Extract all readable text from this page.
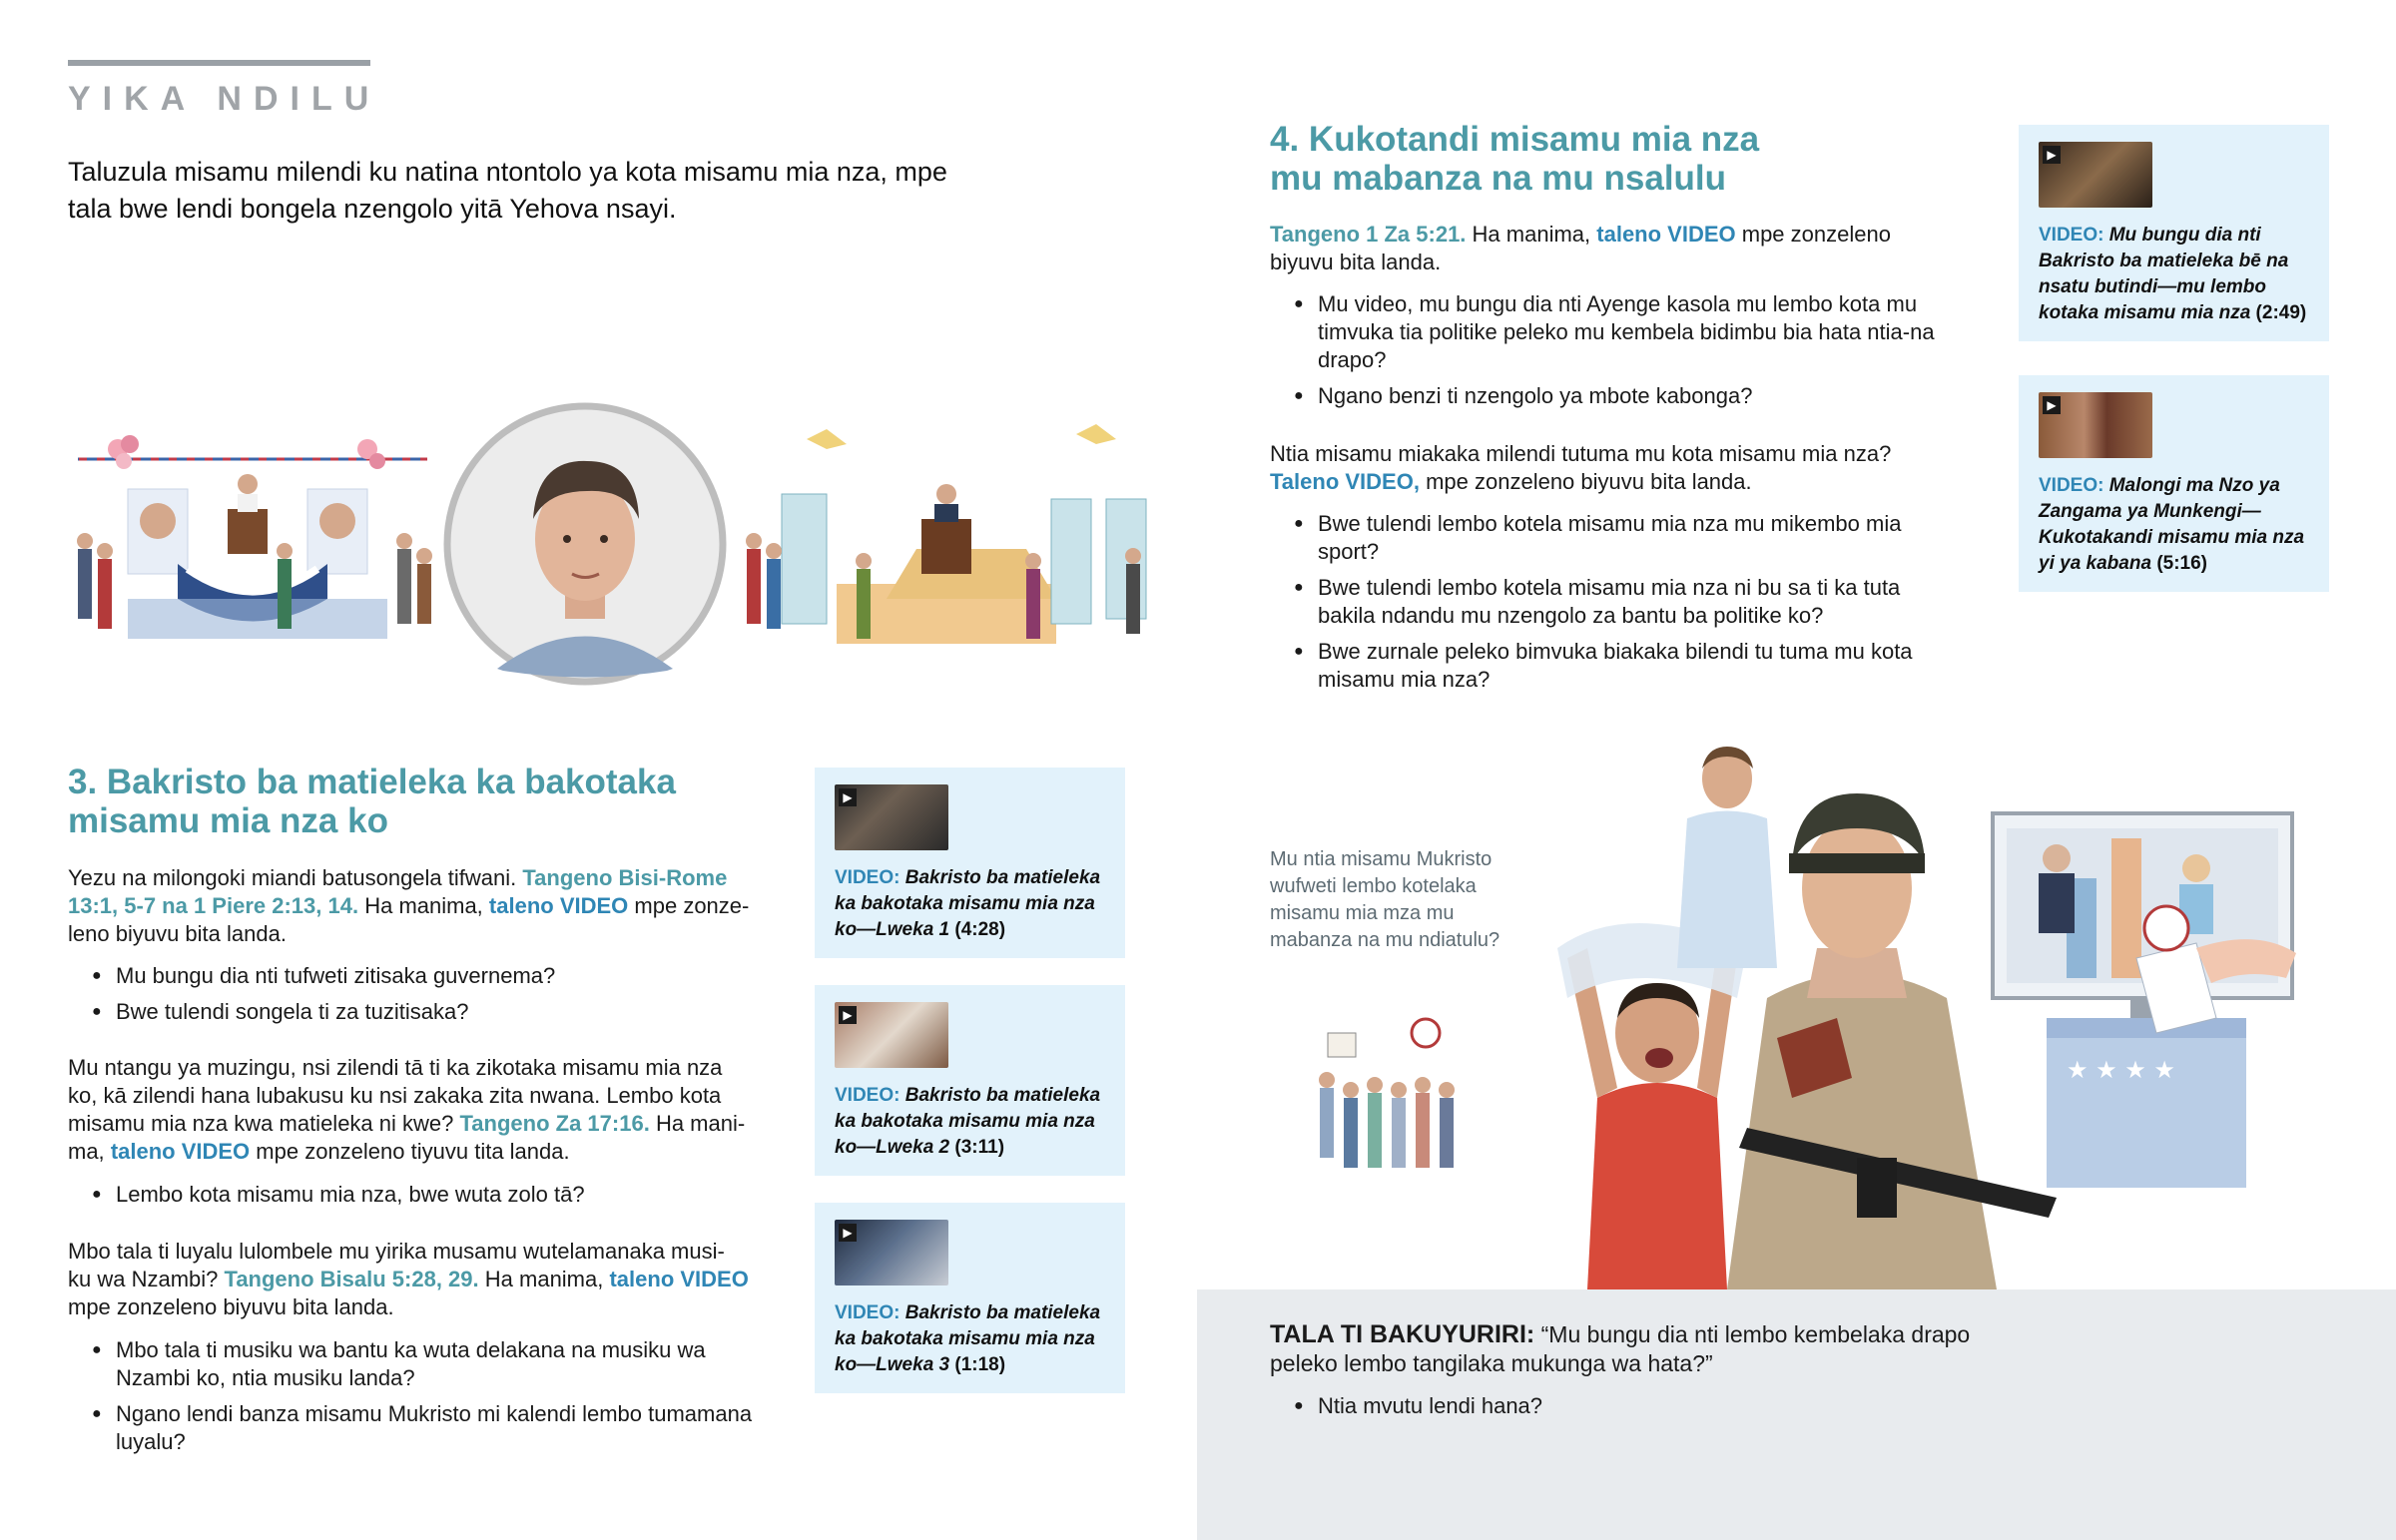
YIKA NDILU
Taluzula misamu milendi ku natina ntontolo ya kota misamu mia nza, mpe tala bwe lendi bongela nzengolo yitā Yehova nsayi.
3. Bakristo ba matieleka ka bakotaka
misamu mia nza ko
Yezu na milongoki miandi batusongela tifwani. Tangeno Bisi-Rome
13:1, 5-7 na 1 Piere 2:13, 14. Ha manima, taleno VIDEO mpe zonze-
leno biyuvu bita landa.
● Mu bungu dia nti tufweti zitisaka guvernema?
● Bwe tulendi songela ti za tuzitisaka?
Mu ntangu ya muzingu, nsi zilendi tā ti ka zikotaka misamu mia nza
ko, kā zilendi hana lubakusu ku nsi zakaka zita nwana. Lembo kota
misamu mia nza kwa matieleka ni kwe? Tangeno Za 17:16. Ha mani-
ma, taleno VIDEO mpe zonzeleno tiyuvu tita landa.
● Lembo kota misamu mia nza, bwe wuta zolo tā?
Mbo tala ti luyalu lulombele mu yirika musamu wutelamanaka musi-
ku wa Nzambi? Tangeno Bisalu 5:28, 29. Ha manima, taleno VIDEO
mpe zonzeleno biyuvu bita landa.
● Mbo tala ti musiku wa bantu ka wuta delakana na musiku wa Nzambi ko, ntia musiku landa?
● Ngano lendi banza misamu Mukristo mi kalendi lembo tumamana luyalu?
▶
VIDEO: Bakristo ba matieleka ka bakotaka misamu mia nza ko—Lweka 1 (4:28)
▶
VIDEO: Bakristo ba matieleka ka bakotaka misamu mia nza ko—Lweka 2 (3:11)
▶
VIDEO: Bakristo ba matieleka ka bakotaka misamu mia nza ko—Lweka 3 (1:18)
4. Kukotandi misamu mia nza
mu mabanza na mu nsalulu
Tangeno 1 Za 5:21. Ha manima, taleno VIDEO mpe zonzeleno
biyuvu bita landa.
● Mu video, mu bungu dia nti Ayenge kasola mu lembo kota mu timvuka tia politike peleko mu kembela bidimbu bia hata ntia-na drapo?
● Ngano benzi ti nzengolo ya mbote kabonga?
Ntia misamu miakaka milendi tutuma mu kota misamu mia nza?
Taleno VIDEO, mpe zonzeleno biyuvu bita landa.
● Bwe tulendi lembo kotela misamu mia nza mu mikembo mia sport?
● Bwe tulendi lembo kotela misamu mia nza ni bu sa ti ka tuta bakila ndandu mu nzengolo za bantu ba politike ko?
● Bwe zurnale peleko bimvuka biakaka bilendi tu tuma mu kota misamu mia nza?
▶
VIDEO: Mu bungu dia nti Bakristo ba matieleka bē na nsatu butindi—mu lembo kotaka misamu mia nza (2:49)
▶
VIDEO: Malongi ma Nzo ya Zangama ya Munkengi—Kukotakandi misamu mia nza yi ya kabana (5:16)
★ ★ ★ ★
Mu ntia misamu Mukristo wufweti lembo kotelaka misamu mia mza mu mabanza na mu ndiatulu?
TALA TI BAKUYURIRI: “Mu bungu dia nti lembo kembelaka drapo
peleko lembo tangilaka mukunga wa hata?”
● Ntia mvutu lendi hana?
